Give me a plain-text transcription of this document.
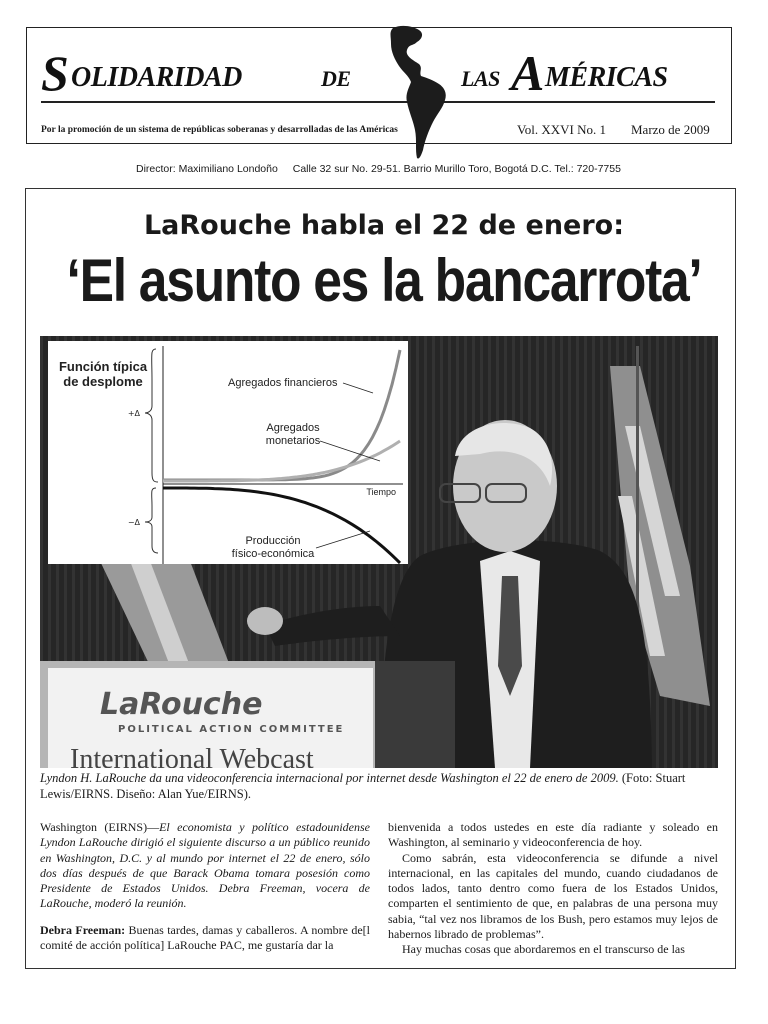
S OLIDARIDAD	DE	LAS A MÉRICAS
Por la promoción de un sistema de repúblicas soberanas y desarrolladas de las Américas	Vol. XXVI No. 1 Marzo de 2009
Director: Maximiliano Londoño Calle 32 sur No. 29-51. Barrio Murillo Toro, Bogotá D.C. Tel.: 720-7755
LaRouche habla el 22 de enero:
‘El asunto es la bancarrota’
LaRouche
POLITICAL ACTION COMMITTEE
International Webcast
Función típica
de desplome
+Δ
−Δ
Tiempo
Agregados financieros
Agregados
monetarios
Producción
físico-económica
Lyndon H. LaRouche da una videoconferencia internacional por internet desde Washington el 22 de enero de 2009. (Foto: Stuart Lewis/EIRNS. Diseño: Alan Yue/EIRNS).

Washington (EIRNS)—El economista y político estadounidense Lyndon LaRouche dirigió el siguiente discurso a un público reunido en Washington, D.C. y al mundo por internet el 22 de enero, sólo dos días después de que Barack Obama tomara posesión como Presidente de Estados Unidos. Debra Freeman, vocera de LaRouche, moderó la reunión.

Debra Freeman: Buenas tardes, damas y caballeros. A nombre de[l comité de acción política] LaRouche PAC, me gustaría dar la

bienvenida a todos ustedes en este día radiante y soleado en Washington, al seminario y videoconferencia de hoy.

Como sabrán, esta videoconferencia se difunde a nivel internacional, en las capitales del mundo, cuando ciudadanos de todos lados, tanto dentro como fuera de los Estados Unidos, comparten el sentimiento de que, en palabras de una persona muy sabia, “tal vez nos libramos de los Bush, pero estamos muy lejos de habernos librado de problemas”.

Hay muchas cosas que abordaremos en el transcurso de las
